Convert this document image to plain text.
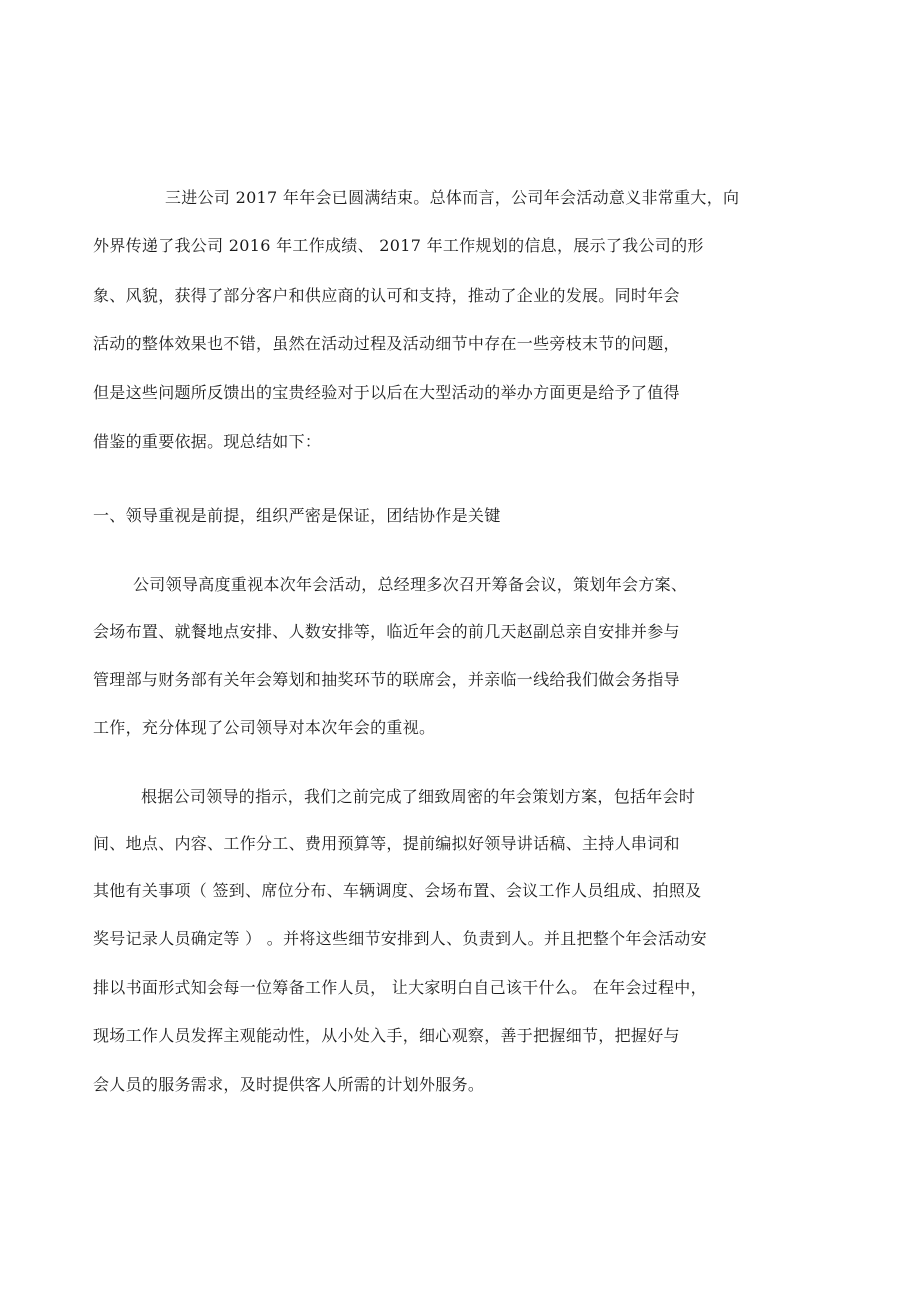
三进公司 2017 年年会已圆满结束。总体而言，公司年会活动意义非常重大，向
外界传递了我公司 2016 年工作成绩、 2017 年工作规划的信息，展示了我公司的形
象、风貌，获得了部分客户和供应商的认可和支持，推动了企业的发展。同时年会
活动的整体效果也不错，虽然在活动过程及活动细节中存在一些旁枝末节的问题，
但是这些问题所反馈出的宝贵经验对于以后在大型活动的举办方面更是给予了值得
借鉴的重要依据。现总结如下：
一、领导重视是前提，组织严密是保证，团结协作是关键
公司领导高度重视本次年会活动，总经理多次召开筹备会议，策划年会方案、
会场布置、就餐地点安排、人数安排等，临近年会的前几天赵副总亲自安排并参与
管理部与财务部有关年会筹划和抽奖环节的联席会，并亲临一线给我们做会务指导
工作，充分体现了公司领导对本次年会的重视。
根据公司领导的指示，我们之前完成了细致周密的年会策划方案，包括年会时
间、地点、内容、工作分工、费用预算等，提前编拟好领导讲话稿、主持人串词和
其他有关事项（ 签到、席位分布、车辆调度、会场布置、会议工作人员组成、拍照及
奖号记录人员确定等 ） 。并将这些细节安排到人、负责到人。并且把整个年会活动安
排以书面形式知会每一位筹备工作人员， 让大家明白自己该干什么。 在年会过程中，
现场工作人员发挥主观能动性，从小处入手，细心观察，善于把握细节，把握好与
会人员的服务需求，及时提供客人所需的计划外服务。
